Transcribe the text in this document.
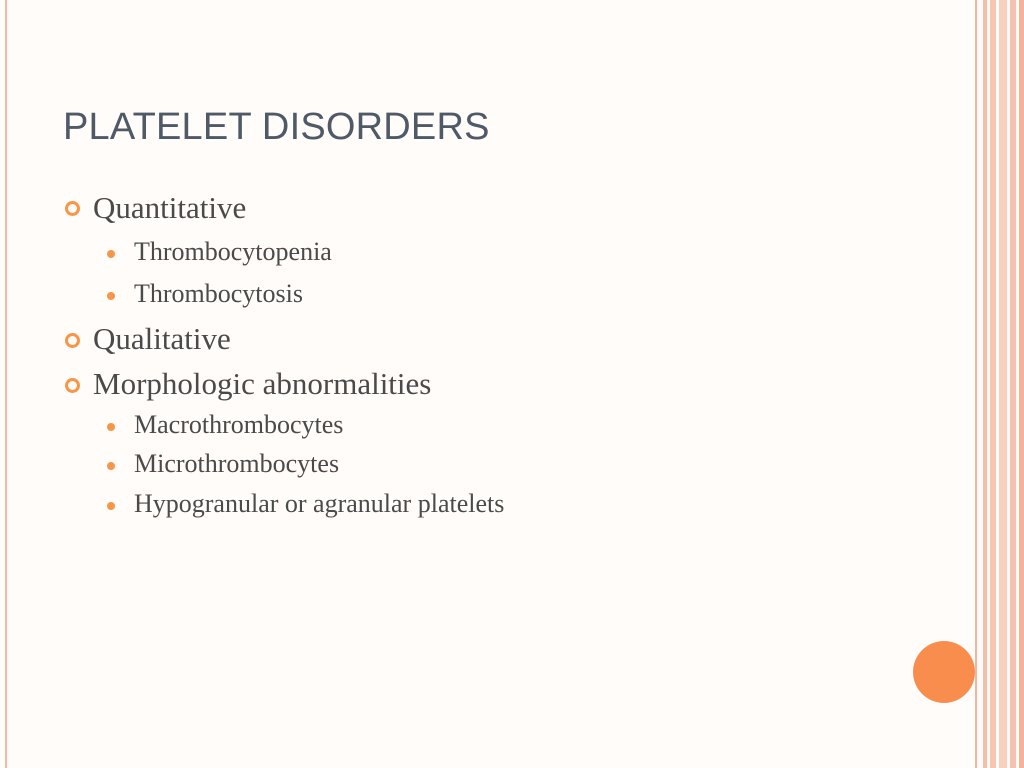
PLATELET DISORDERS
Quantitative
Thrombocytopenia
Thrombocytosis
Qualitative
Morphologic abnormalities
Macrothrombocytes
Microthrombocytes
Hypogranular or agranular platelets
